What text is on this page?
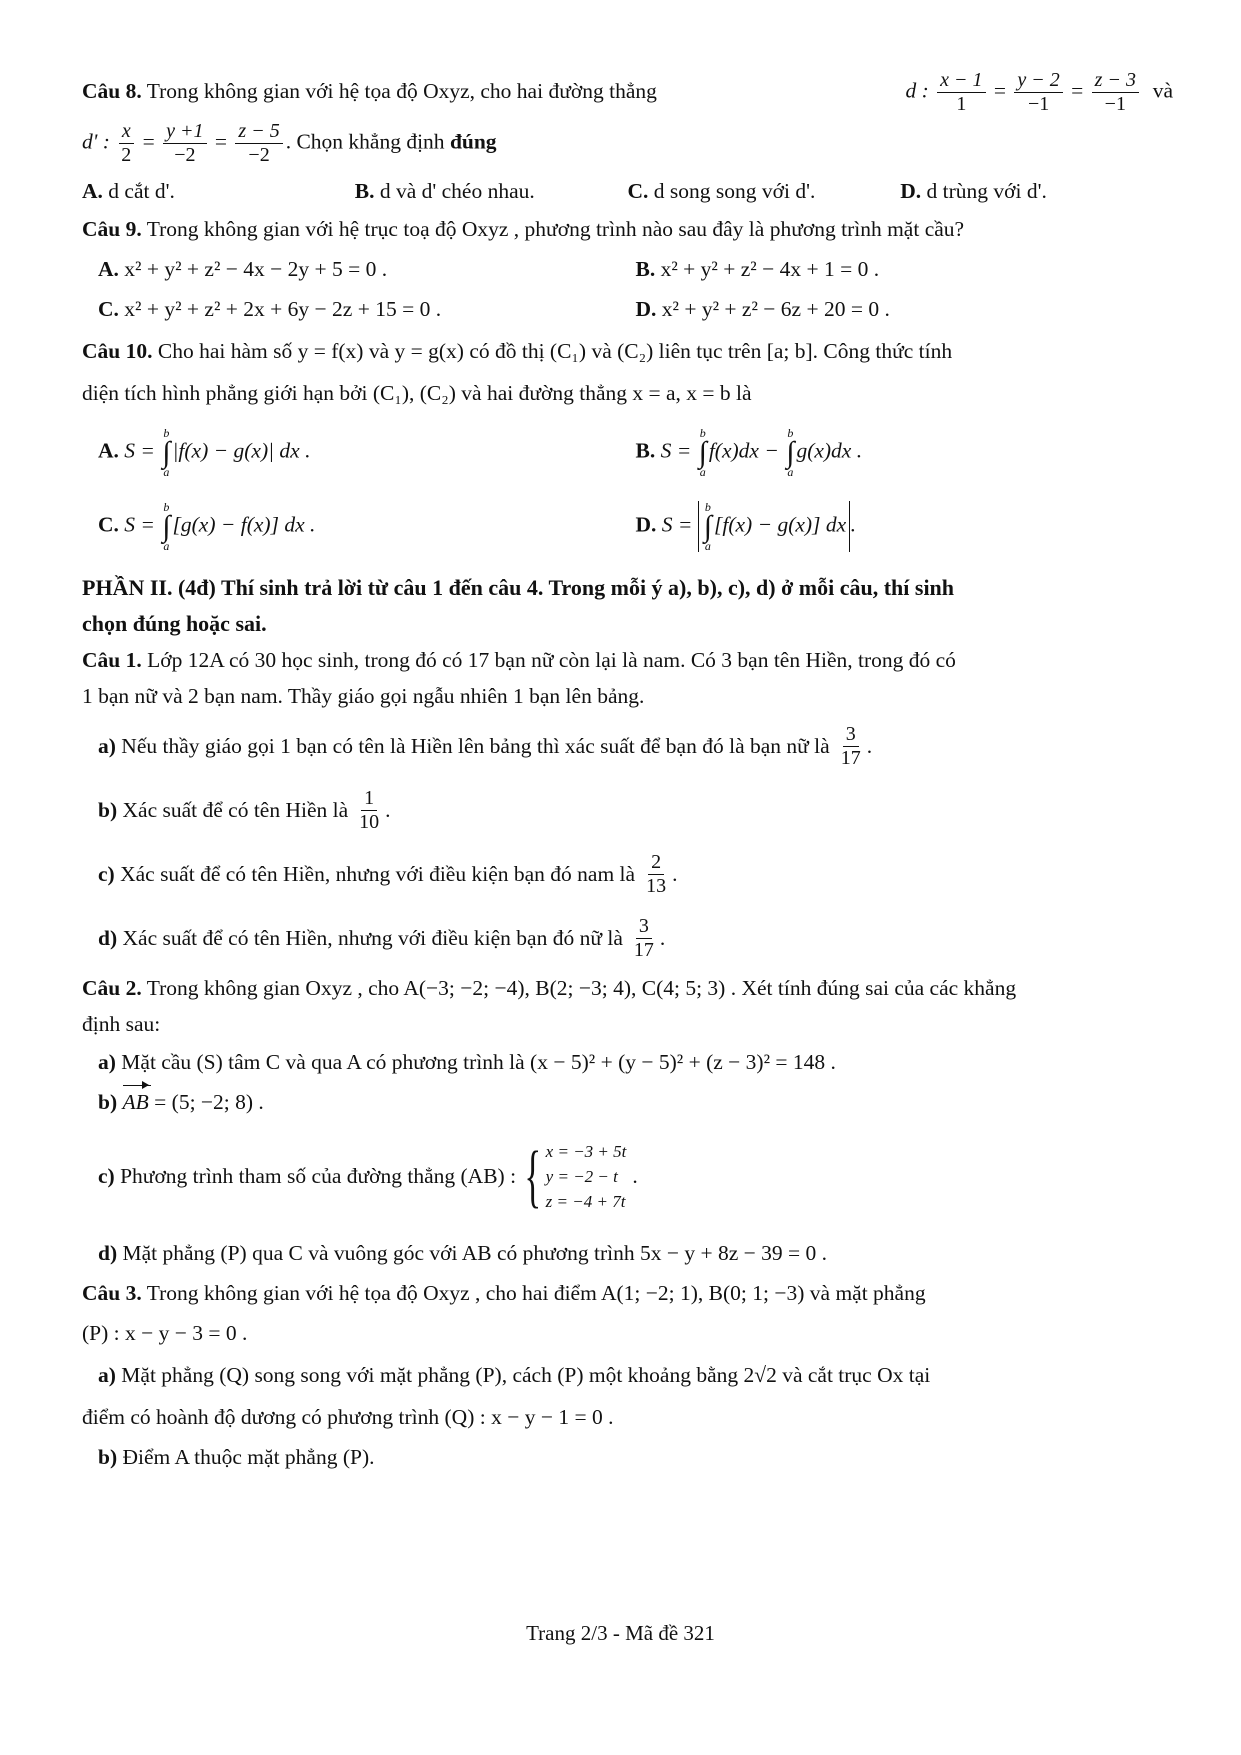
Câu 8. Trong không gian với hệ tọa độ Oxyz, cho hai đường thẳng	d : $\frac{x - 1}{1} = \frac{y - 2}{-1} = \frac{z - 3}{-1}$ và
d' : $\frac{x}{2} = \frac{y +1}{-2} = \frac{z - 5}{-2}$ . Chọn khẳng định đúng
A. d cắt d'.	B. d và d' chéo nhau.	C. d song song với d'.	D. d trùng với d'.
Câu 9. Trong không gian với hệ trục toạ độ Oxyz , phương trình nào sau đây là phương trình mặt cầu?
A. x² + y² + z² − 4x − 2y + 5 = 0 .	B. x² + y² + z² − 4x + 1 = 0 .
C. x² + y² + z² + 2x + 6y − 2z + 15 = 0 .	D. x² + y² + z² − 6z + 20 = 0 .
Câu 10. Cho hai hàm số y = f(x) và y = g(x) có đồ thị (C₁) và (C₂) liên tục trên [a; b]. Công thức tính
diện tích hình phẳng giới hạn bởi (C₁), (C₂) và hai đường thẳng x = a, x = b là
A. S =
b
∫
a
|f(x) − g(x)| dx .	B. S =
b
∫
a
f(x)dx −
b
∫
a
g(x)dx .
C. S =
b
∫
a
[g(x) − f(x)] dx .	D. S =
b
∫
a
[f(x) − g(x)] dx .
PHẦN II. (4đ) Thí sinh trả lời từ câu 1 đến câu 4. Trong mỗi ý a), b), c), d) ở mỗi câu, thí sinh
chọn đúng hoặc sai.
Câu 1. Lớp 12A có 30 học sinh, trong đó có 17 bạn nữ còn lại là nam. Có 3 bạn tên Hiền, trong đó có
1 bạn nữ và 2 bạn nam. Thầy giáo gọi ngẫu nhiên 1 bạn lên bảng.
a)
Nếu thầy giáo gọi 1 bạn có tên là Hiền lên bảng thì xác suất để bạn đó là bạn nữ là $\frac{3}{17}$ .
b)
Xác suất để có tên Hiền là $\frac{1}{10}$ .
c)
Xác suất để có tên Hiền, nhưng với điều kiện bạn đó nam là $\frac{2}{13}$ .
d)
Xác suất để có tên Hiền, nhưng với điều kiện bạn đó nữ là $\frac{3}{17}$ .
Câu 2. Trong không gian Oxyz , cho A(−3; −2; −4), B(2; −3; 4), C(4; 5; 3) . Xét tính đúng sai của các khẳng
định sau:
a) Mặt cầu (S) tâm C và qua A có phương trình là (x − 5)² + (y − 5)² + (z − 3)² = 148 .
b) AB = (5; −2; 8) .
c)
Phương trình tham số của đường thẳng (AB) : { x = −3 + 5t
y = −2 − t
z = −4 + 7t
.
d) Mặt phẳng (P) qua C và vuông góc với AB có phương trình 5x − y + 8z − 39 = 0 .
Câu 3. Trong không gian với hệ tọa độ Oxyz , cho hai điểm A(1; −2; 1), B(0; 1; −3) và mặt phẳng
(P) : x − y − 3 = 0 .
a) Mặt phẳng (Q) song song với mặt phẳng (P), cách (P) một khoảng bằng 2√2 và cắt trục Ox tại
điểm có hoành độ dương có phương trình (Q) : x − y − 1 = 0 .
b) Điểm A thuộc mặt phẳng (P).
Trang 2/3 - Mã đề 321
